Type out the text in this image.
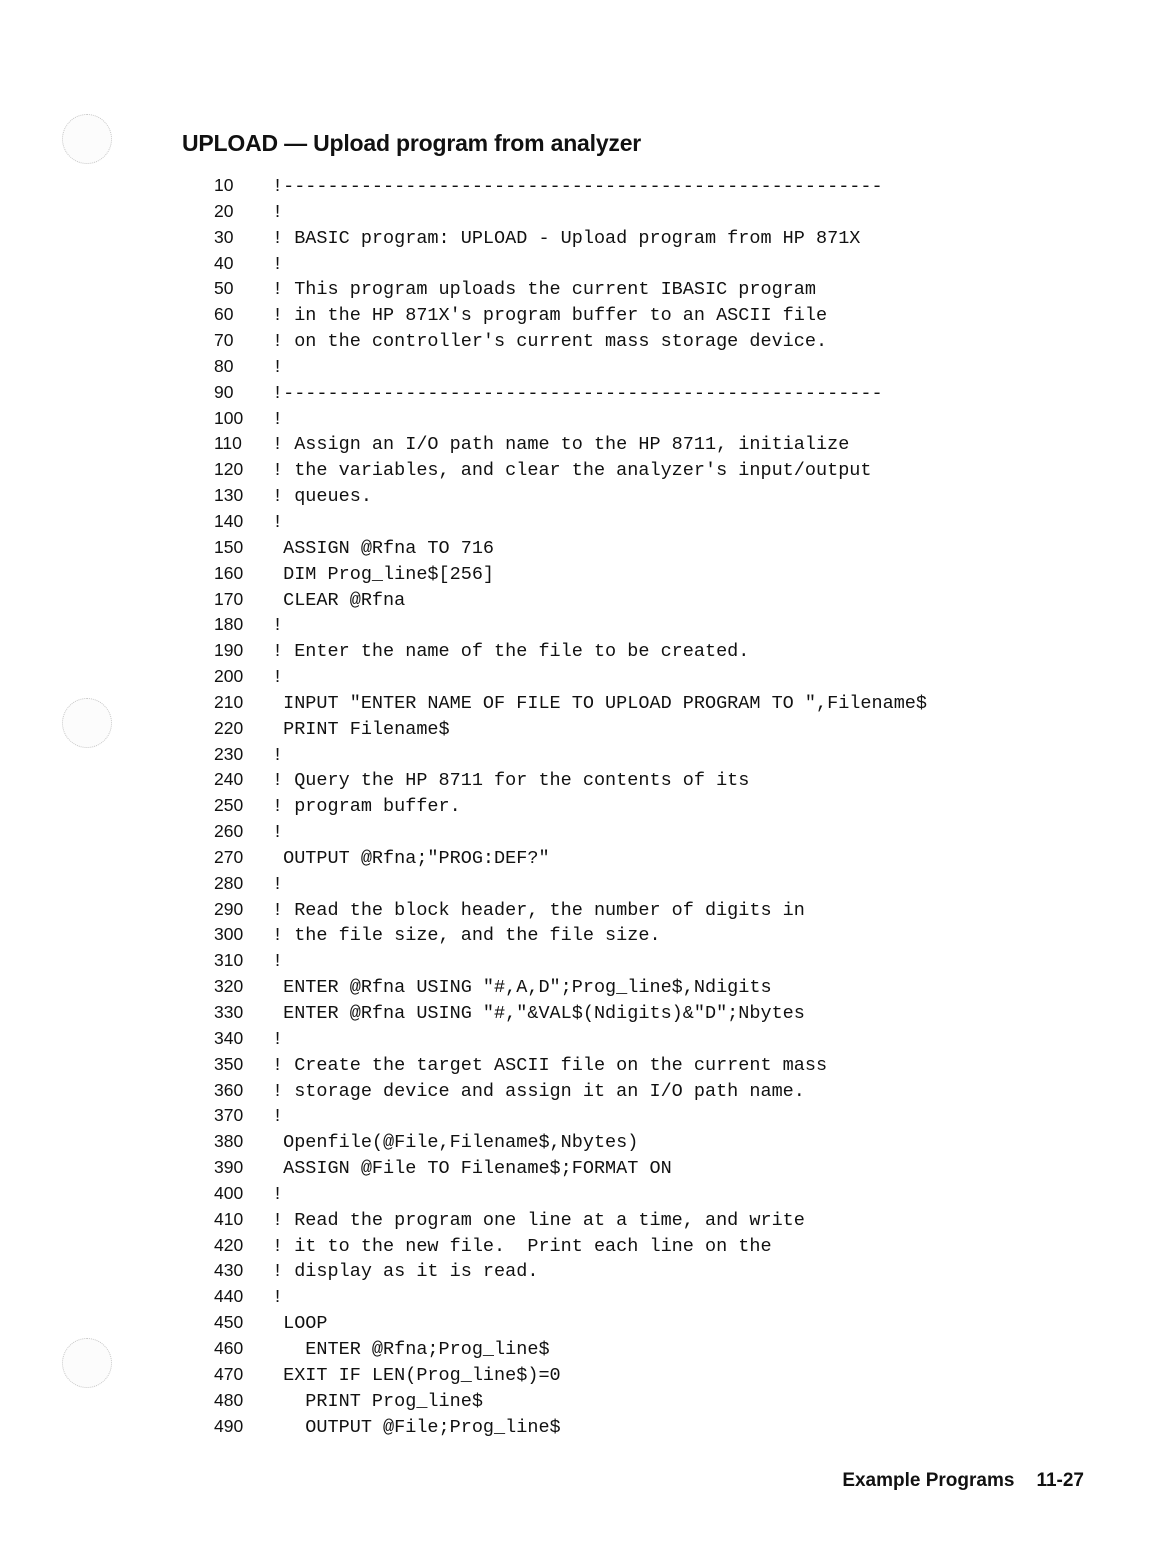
UPLOAD — Upload program from analyzer
10 !------------------------------------------------------
20 !
30 ! BASIC program: UPLOAD - Upload program from HP 871X
40 !
50 ! This program uploads the current IBASIC program
60 ! in the HP 871X's program buffer to an ASCII file
70 ! on the controller's current mass storage device.
80 !
90 !------------------------------------------------------
100 !
110 ! Assign an I/O path name to the HP 8711, initialize
120 ! the variables, and clear the analyzer's input/output
130 ! queues.
140 !
150 ASSIGN @Rfna TO 716
160 DIM Prog_line$[256]
170 CLEAR @Rfna
180 !
190 ! Enter the name of the file to be created.
200 !
210 INPUT "ENTER NAME OF FILE TO UPLOAD PROGRAM TO ",Filename$
220 PRINT Filename$
230 !
240 ! Query the HP 8711 for the contents of its
250 ! program buffer.
260 !
270 OUTPUT @Rfna;"PROG:DEF?"
280 !
290 ! Read the block header, the number of digits in
300 ! the file size, and the file size.
310 !
320 ENTER @Rfna USING "#,A,D";Prog_line$,Ndigits
330 ENTER @Rfna USING "#,"&VAL$(Ndigits)&"D";Nbytes
340 !
350 ! Create the target ASCII file on the current mass
360 ! storage device and assign it an I/O path name.
370 !
380 Openfile(@File,Filename$,Nbytes)
390 ASSIGN @File TO Filename$;FORMAT ON
400 !
410 ! Read the program one line at a time, and write
420 ! it to the new file.  Print each line on the
430 ! display as it is read.
440 !
450 LOOP
460   ENTER @Rfna;Prog_line$
470 EXIT IF LEN(Prog_line$)=0
480   PRINT Prog_line$
490   OUTPUT @File;Prog_line$
Example Programs 11-27
